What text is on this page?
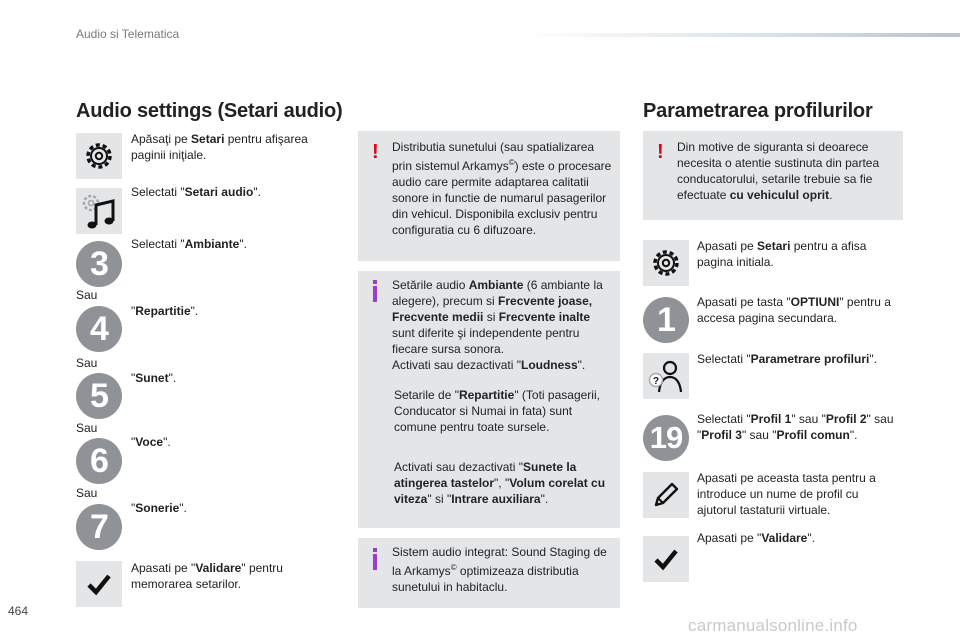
Audio si Telematica
Audio settings (Setari audio)
Apăsaţi pe Setari pentru afişarea paginii iniţiale.
Selectati "Setari audio".
3
Selectati "Ambiante".
Sau
4	"Repartitie".
Sau
5	"Sunet".
Sau
6	"Voce".
Sau
7	"Sonerie".
Apasati pe "Validare" pentru memorarea setarilor.
! Distributia sunetului (sau spatializarea prin sistemul Arkamys©) este o procesare audio care permite adaptarea calitatii sonore in functie de numarul pasagerilor din vehicul. Disponibila exclusiv pentru configuratia cu 6 difuzoare.
Setările audio Ambiante (6 ambiante la alegere), precum si Frecvente joase, Frecvente medii si Frecvente inalte sunt diferite şi independente pentru fiecare sursa sonora.
Activati sau dezactivati "Loudness".
Setarile de "Repartitie" (Toti pasagerii, Conducator si Numai in fata) sunt comune pentru toate sursele.
Activati sau dezactivati "Sunete la atingerea tastelor", "Volum corelat cu viteza" si "Intrare auxiliara".
Sistem audio integrat: Sound Staging de la Arkamys© optimizeaza distributia sunetului in habitaclu.
Parametrarea profilurilor
! Din motive de siguranta si deoarece necesita o atentie sustinuta din partea conducatorului, setarile trebuie sa fie efectuate cu vehiculul oprit.
Apasati pe Setari pentru a afisa pagina initiala.
1	Apasati pe tasta "OPTIUNI" pentru a accesa pagina secundara.
?
Selectati "Parametrare profiluri".
19
Selectati "Profil 1" sau "Profil 2" sau "Profil 3" sau "Profil comun".
Apasati pe aceasta tasta pentru a introduce un nume de profil cu ajutorul tastaturii virtuale.
Apasati pe "Validare".
464
carmanualsonline.info
